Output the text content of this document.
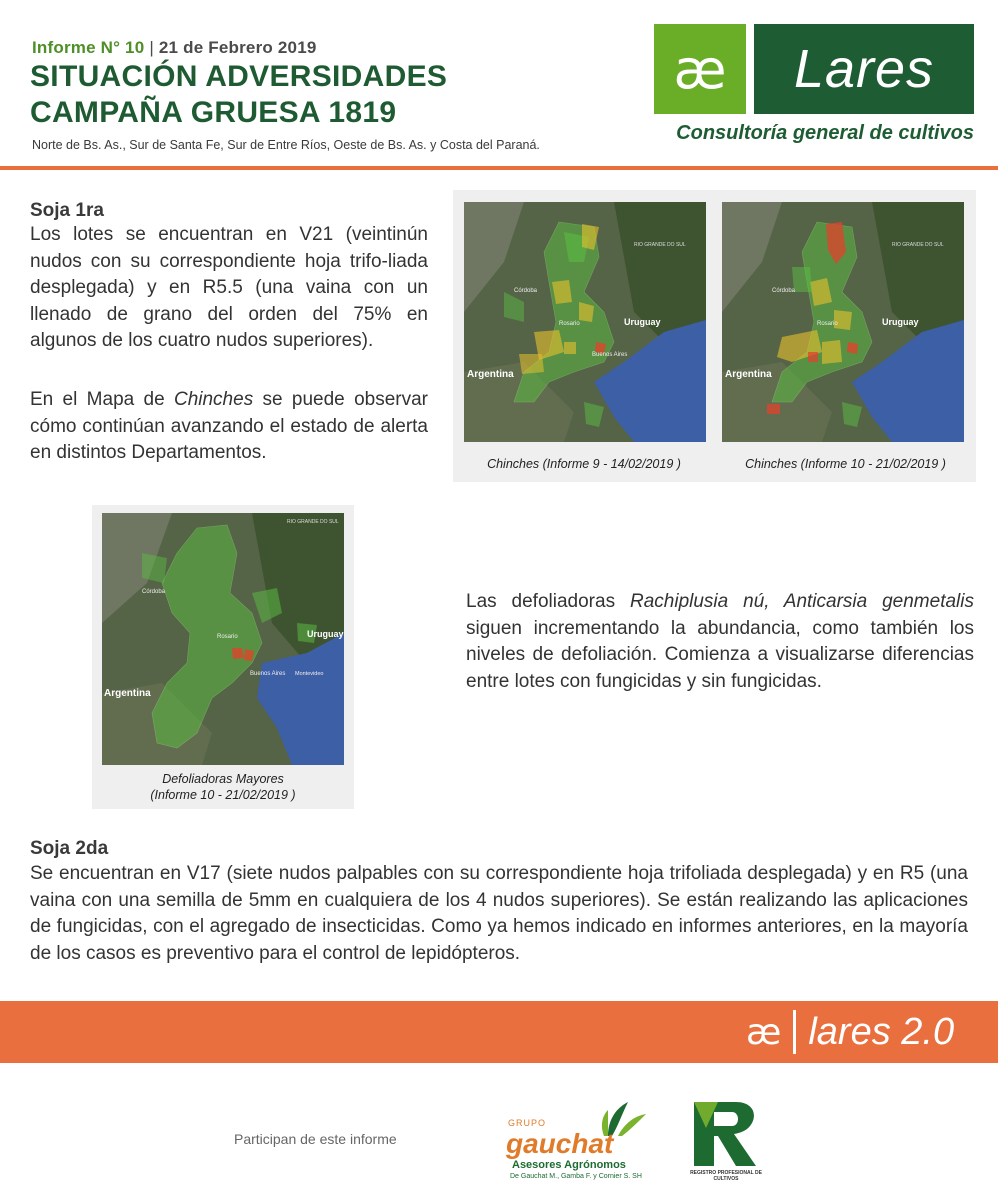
Informe N° 10 | 21 de Febrero 2019
SITUACIÓN ADVERSIDADES
CAMPAÑA GRUESA 1819
Norte de Bs. As., Sur de Santa Fe, Sur de Entre Ríos, Oeste de Bs. As. y Costa del Paraná.
æ	Lares
Consultoría general de cultivos
Soja 1ra
Los lotes se encuentran en V21 (veintinún nudos con su correspondiente hoja trifo-liada desplegada) y en R5.5 (una vaina con un llenado de grano del orden del 75% en algunos de los cuatro nudos superiores).
En el Mapa de Chinches se puede observar cómo continúan avanzando el estado de alerta en distintos Departamentos.
RIO GRANDE DO SUL
Córdoba
Uruguay
Rosario
Buenos Aires
Argentina
RIO GRANDE DO SUL
Córdoba
Uruguay
Rosario
Argentina
Chinches (Informe 9 - 14/02/2019 )	Chinches (Informe 10 - 21/02/2019 )
RIO GRANDE DO SUL
Córdoba
Uruguay
Rosario
Buenos Aires Montevideo
Argentina
Defoliadoras Mayores
(Informe 10 - 21/02/2019 )
Las defoliadoras Rachiplusia nú, Anticarsia genmetalis siguen incrementando la abundancia, como también los niveles de defoliación. Comienza a visualizarse diferencias entre lotes con fungicidas y sin fungicidas.
Soja 2da
Se encuentran en V17 (siete nudos palpables con su correspondiente hoja trifoliada desplegada) y en R5 (una vaina con una semilla de 5mm en cualquiera de los 4 nudos superiores). Se están realizando las aplicaciones de fungicidas, con el agregado de insecticidas. Como ya hemos indicado en informes anteriores, en la mayoría de los casos es preventivo para el control de lepidópteros.
æ lares 2.0
Participan de este informe
GRUPO
gauchat
Asesores Agrónomos
De Gauchat M., Gamba F. y Cornier S. SH	REGISTRO PROFESIONAL DE CULTIVOS
